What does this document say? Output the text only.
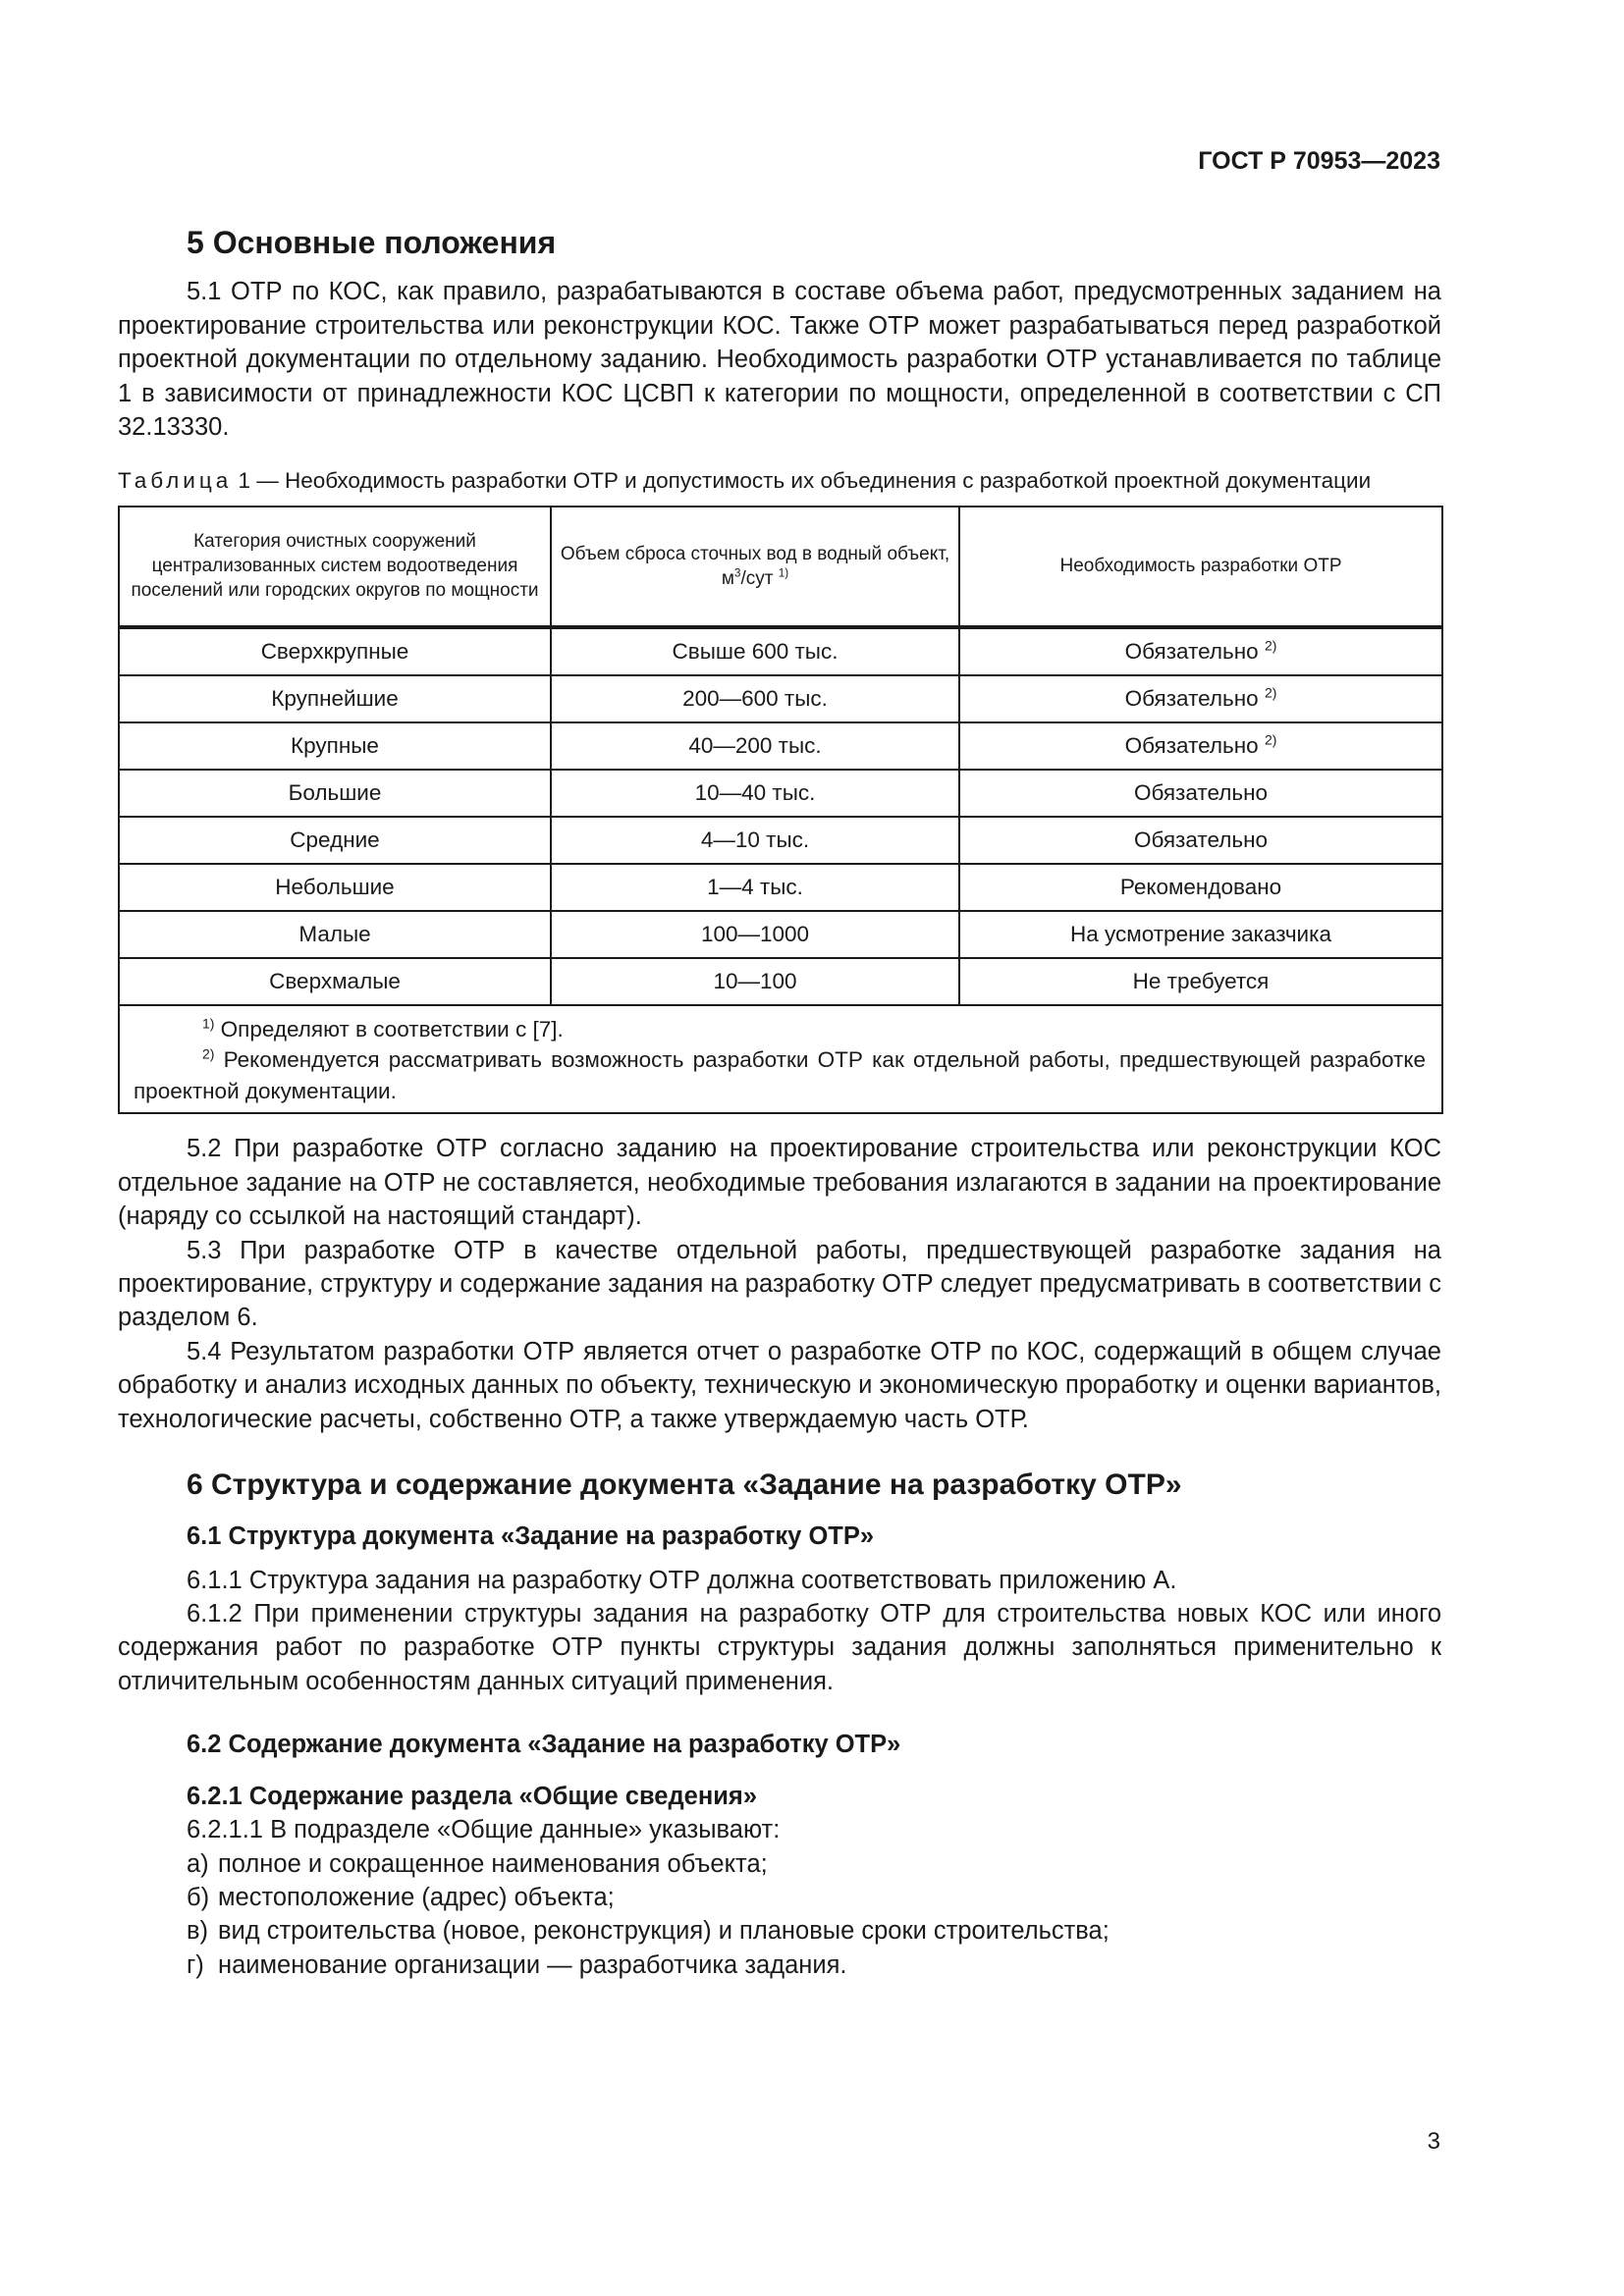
ГОСТ Р 70953—2023
5 Основные положения

5.1 ОТР по КОС, как правило, разрабатываются в составе объема работ, предусмотренных заданием на проектирование строительства или реконструкции КОС. Также ОТР может разрабатываться перед разработкой проектной документации по отдельному заданию. Необходимость разработки ОТР устанавливается по таблице 1 в зависимости от принадлежности КОС ЦСВП к категории по мощности, определенной в соответствии с СП 32.13330.

Таблица 1 — Необходимость разработки ОТР и допустимость их объединения с разработкой проектной документации
Категория очистных сооружений централизованных систем водоотведения поселений или городских округов по мощности	Объем сброса сточных вод в водный объект, $м^3$/сут $^{1)}$	Необходимость разработки ОТР
Сверхкрупные	Свыше 600 тыс.	Обязательно $^{2)}$
Крупнейшие	200—600 тыс.	Обязательно $^{2)}$
Крупные	40—200 тыс.	Обязательно $^{2)}$
Большие	10—40 тыс.	Обязательно
Средние	4—10 тыс.	Обязательно
Небольшие	1—4 тыс.	Рекомендовано
Малые	100—1000	На усмотрение заказчика
Сверхмалые	10—100	Не требуется

$^{1)}$ Определяют в соответствии с [7].
$^{2)}$ Рекомендуется рассматривать возможность разработки ОТР как отдельной работы, предшествующей разработке проектной документации.		

5.2 При разработке ОТР согласно заданию на проектирование строительства или реконструкции КОС отдельное задание на ОТР не составляется, необходимые требования излагаются в задании на проектирование (наряду со ссылкой на настоящий стандарт).

5.3 При разработке ОТР в качестве отдельной работы, предшествующей разработке задания на проектирование, структуру и содержание задания на разработку ОТР следует предусматривать в соответствии с разделом 6.

5.4 Результатом разработки ОТР является отчет о разработке ОТР по КОС, содержащий в общем случае обработку и анализ исходных данных по объекту, техническую и экономическую проработку и оценки вариантов, технологические расчеты, собственно ОТР, а также утверждаемую часть ОТР.

6 Структура и содержание документа «Задание на разработку ОТР»
6.1 Структура документа «Задание на разработку ОТР»

6.1.1 Структура задания на разработку ОТР должна соответствовать приложению А.

6.1.2 При применении структуры задания на разработку ОТР для строительства новых КОС или иного содержания работ по разработке ОТР пункты структуры задания должны заполняться применительно к отличительным особенностям данных ситуаций применения.

6.2 Содержание документа «Задание на разработку ОТР»
6.2.1 Содержание раздела «Общие сведения»

6.2.1.1 В подразделе «Общие данные» указывают:

а) полное и сокращенное наименования объекта;

б) местоположение (адрес) объекта;

в) вид строительства (новое, реконструкция) и плановые сроки строительства;

г) наименование организации — разработчика задания.

3
